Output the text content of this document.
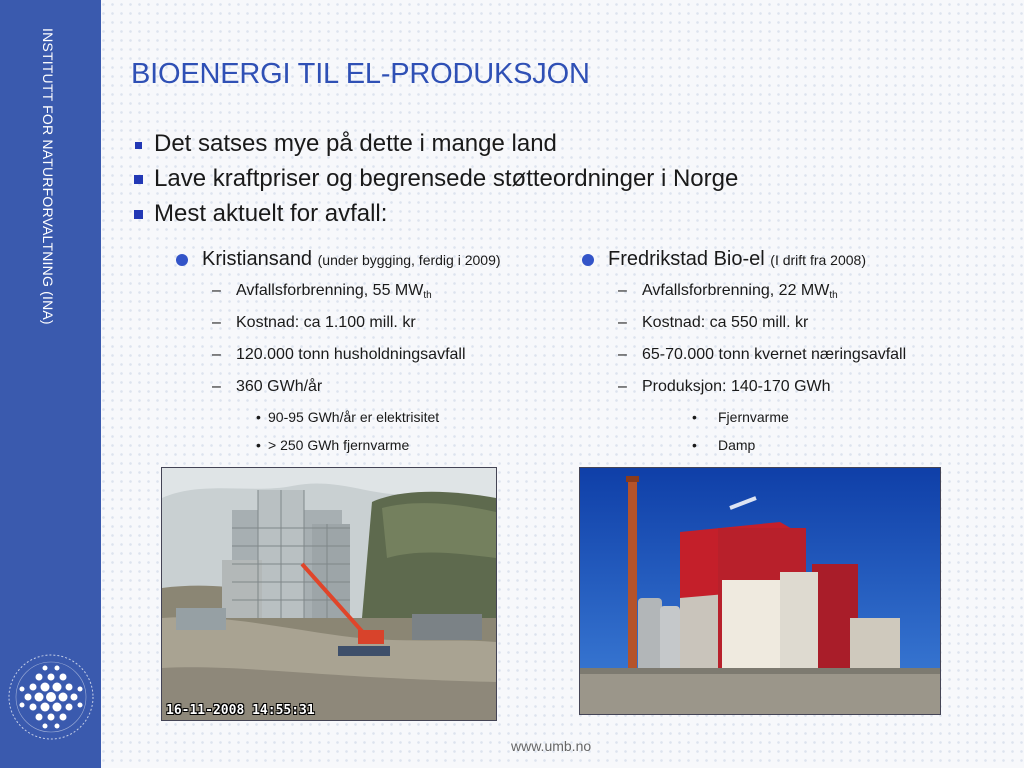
INSTITUTT FOR NATURFORVALTNING (INA)	BIOENERGI TIL EL-PRODUKSJON
Det satses mye på dette i mange land
Lave kraftpriser og begrensede støtteordninger i Norge
Mest aktuelt for avfall:
Kristiansand (under bygging, ferdig i 2009)
– Avfallsforbrenning, 55 $MW_{th}$
– Kostnad: ca 1.100 mill. kr
– 120.000 tonn husholdningsavfall
– 360 GWh/år
• 90-95 GWh/år er elektrisitet
• > 250 GWh fjernvarme
Fredrikstad Bio-el (I drift fra 2008)
– Avfallsforbrenning, 22 $MW_{th}$
– Kostnad: ca 550 mill. kr
– 65-70.000 tonn kvernet næringsavfall
– Produksjon: 140-170 GWh
• Fjernvarme
• Damp
16-11-2008 14:55:31
www.umb.no
